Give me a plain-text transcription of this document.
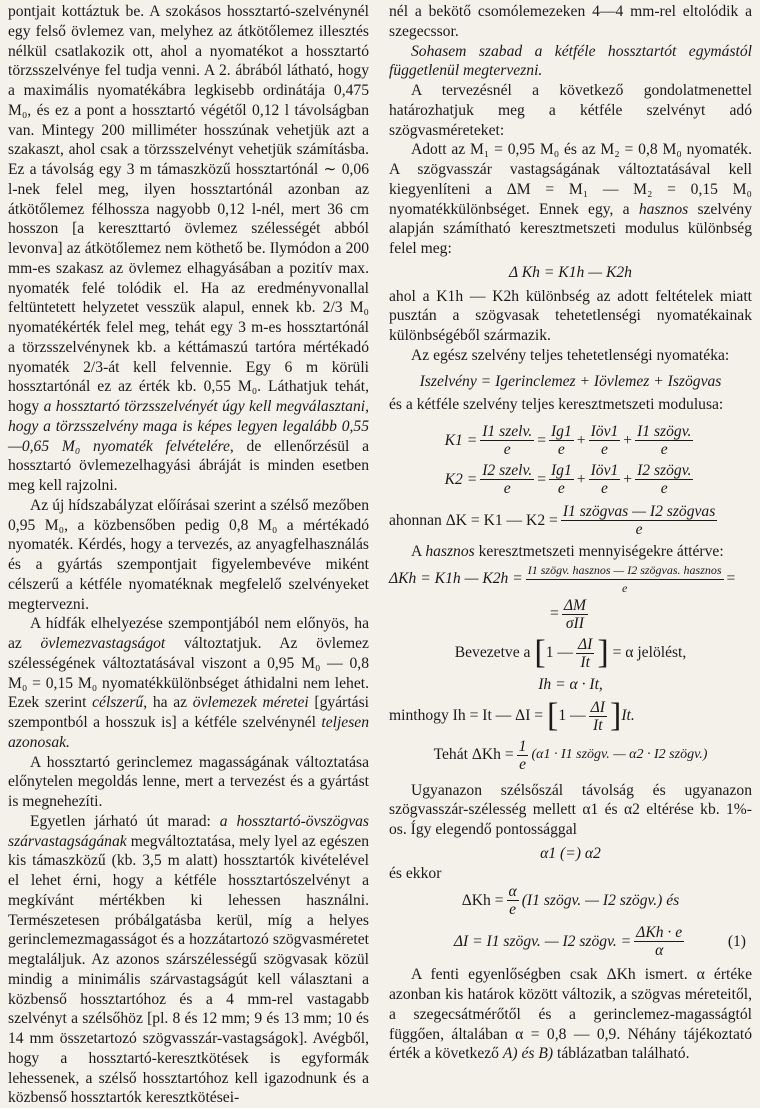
pontjait kottáztuk be. A szokásos hossztartó-szelvénynél egy felső övlemez van, melyhez az átkötőlemez illesztés nélkül csatlakozik ott, ahol a nyomatékot a hossztartó törzsszelvénye fel tudja venni. A 2. ábrából látható, hogy a maximális nyomatékábra legkisebb ordinátája 0,475 M₀, és ez a pont a hossztartó végétől 0,12 l távolságban van. Mintegy 200 milliméter hosszúnak vehetjük azt a szakaszt, ahol csak a törzsszelvényt vehetjük számításba. Ez a távolság egy 3 m támaszközű hossztartónál ∼ 0,06 l-nek felel meg, ilyen hossztartónál azonban az átkötőlemez félhossza nagyobb 0,12 l-nél, mert 36 cm hosszon [a kereszttartó övlemez szélességét abból levonva] az átkötőlemez nem köthető be. Ilymódon a 200 mm-es szakasz az övlemez elhagyásában a pozitív max. nyomaték felé tolódik el. Ha az eredményvonallal feltüntetett helyzetet vesszük alapul, ennek kb. 2/3 M₀ nyomatékérték felel meg, tehát egy 3 m-es hossztartónál a törzsszelvénynek kb. a kéttámaszú tartóra mértékadó nyomaték 2/3-át kell felvennie. Egy 6 m körüli hossztartónál ez az érték kb. 0,55 M₀. Láthatjuk tehát, hogy a hossztartó törzsszelvényét úgy kell megválasztani, hogy a törzsszelvény maga is képes legyen legalább 0,55—0,65 M₀ nyomaték felvételére, de ellenőrzésül a hossztartó övlemezelhagyási ábráját is minden esetben meg kell rajzolni.

Az új hídszabályzat előírásai szerint a szélső mezőben 0,95 M₀, a közbensőben pedig 0,8 M₀ a mértékadó nyomaték. Kérdés, hogy a tervezés, az anyagfelhasználás és a gyártás szempontjait figyelembevéve miként célszerű a kétféle nyomatéknak megfelelő szelvényeket megtervezni.

A hídfák elhelyezése szempontjából nem előnyös, ha az övlemezvastagságot változtatjuk. Az övlemez szélességének változtatásával viszont a 0,95 M₀ — 0,8 M₀ = 0,15 M₀ nyomatékkülönbséget áthidalni nem lehet. Ezek szerint célszerű, ha az övlemezek méretei [gyártási szempontból a hosszuk is] a kétféle szelvénynél teljesen azonosak.

A hossztartó gerinclemez magasságának változtatása előnytelen megoldás lenne, mert a tervezést és a gyártást is megnehezíti.

Egyetlen járható út marad: a hossztartó-övszögvas szárvastagságának megváltoztatása, mely lyel az egészen kis támaszközű (kb. 3,5 m alatt) hossztartók kivételével el lehet érni, hogy a kétféle hossztartószelvényt a megkívánt mértékben ki lehessen használni. Természetesen próbálgatásba kerül, míg a helyes gerinclemezmagasságot és a hozzátartozó szögvasméretet megtaláljuk. Az azonos szárszélességű szögvasak közül mindig a minimális szárvastagságút kell választani a közbenső hossztartóhoz és a 4 mm-rel vastagabb szelvényt a szélsőhöz [pl. 8 és 12 mm; 9 és 13 mm; 10 és 14 mm összetartozó szögvasszár-vastagságok]. Avégből, hogy a hossztartó-keresztkötések is egyformák lehessenek, a szélső hossztartóhoz kell igazodnunk és a közbenső hossztartók keresztkötései-

nél a bekötő csomólemezeken 4—4 mm-rel eltolódik a szegecssor.

Sohasem szabad a kétféle hossztartót egymástól függetlenül megtervezni.

A tervezésnél a következő gondolatmenettel határozhatjuk meg a kétféle szelvényt adó szögvasméreteket:

Adott az M₁ = 0,95 M₀ és az M₂ = 0,8 M₀ nyomaték. A szögvasszár vastagságának változtatásával kell kiegyenlíteni a ΔM = M₁ — M₂ = 0,15 M₀ nyomatékkülönbséget. Ennek egy, a hasznos szelvény alapján számítható keresztmetszeti modulus különbség felel meg:

Δ Kh = K1h — K2h

ahol a K1h — K2h különbség az adott feltételek miatt pusztán a szögvasak tehetetlenségi nyomatékainak különbségéből származik.

Az egész szelvény teljes tehetetlenségi nyomatéka:

Iszelvény = Igerinclemez + Iövlemez + Iszögvas

és a kétféle szelvény teljes keresztmetszeti modulusa:

$K1 = \frac{\text{I1 szelv.}}{e} = \frac{Ig1}{e} + \frac{\text{Iöv1}}{e} + \frac{\text{I1 szögv.}}{e}$
$K2 = \frac{\text{I2 szelv.}}{e} = \frac{Ig1}{e} + \frac{\text{Iöv1}}{e} + \frac{\text{I2 szögv.}}{e}$
ahonnan ΔK = K1 — $K2 = \frac{\text{I1 szögvas — I2 szögvas}}{e}$

A hasznos keresztmetszeti mennyiségekre áttérve:

ΔKh = K1h — $K2h = \frac{\text{I1 szögv. hasznos — I2 szögvas. hasznos}}{e}$ =
= $\frac{\Delta M}{\text{σII}}$
Bevezetve a
[ 1 — $\frac{\Delta I}{It}$ ]
= α jelölést,

Ih = α · It,

minthogy Ih = It — ΔI =
[ 1 — $\frac{\Delta I}{It}$ ] It.
Tehát $\Delta Kh = \frac{1}{e} (\alpha 1 \cdot I1$ szögv. — α2 · I2 szögv.)

Ugyanazon szélsőszál távolság és ugyanazon szögvasszár-szélesség mellett α1 és α2 eltérése kb. 1%-os. Így elegendő pontossággal

α1 (=) α2

és ekkor

$\Delta Kh = \frac{\alpha}{e} (I1$ szögv. — I2 szögv.) és
ΔI = I1 szögv. — I2 szögv. = $\frac{\text{ΔKh · e}}{\alpha}$	(1)

A fenti egyenlőségben csak ΔKh ismert. α értéke azonban kis határok között változik, a szögvas méreteitől, a szegecsátmérőtől és a gerinclemez-magasságtól függően, általában α = 0,8 — 0,9. Néhány tájékoztató érték a következő A) és B) táblázatban található.
